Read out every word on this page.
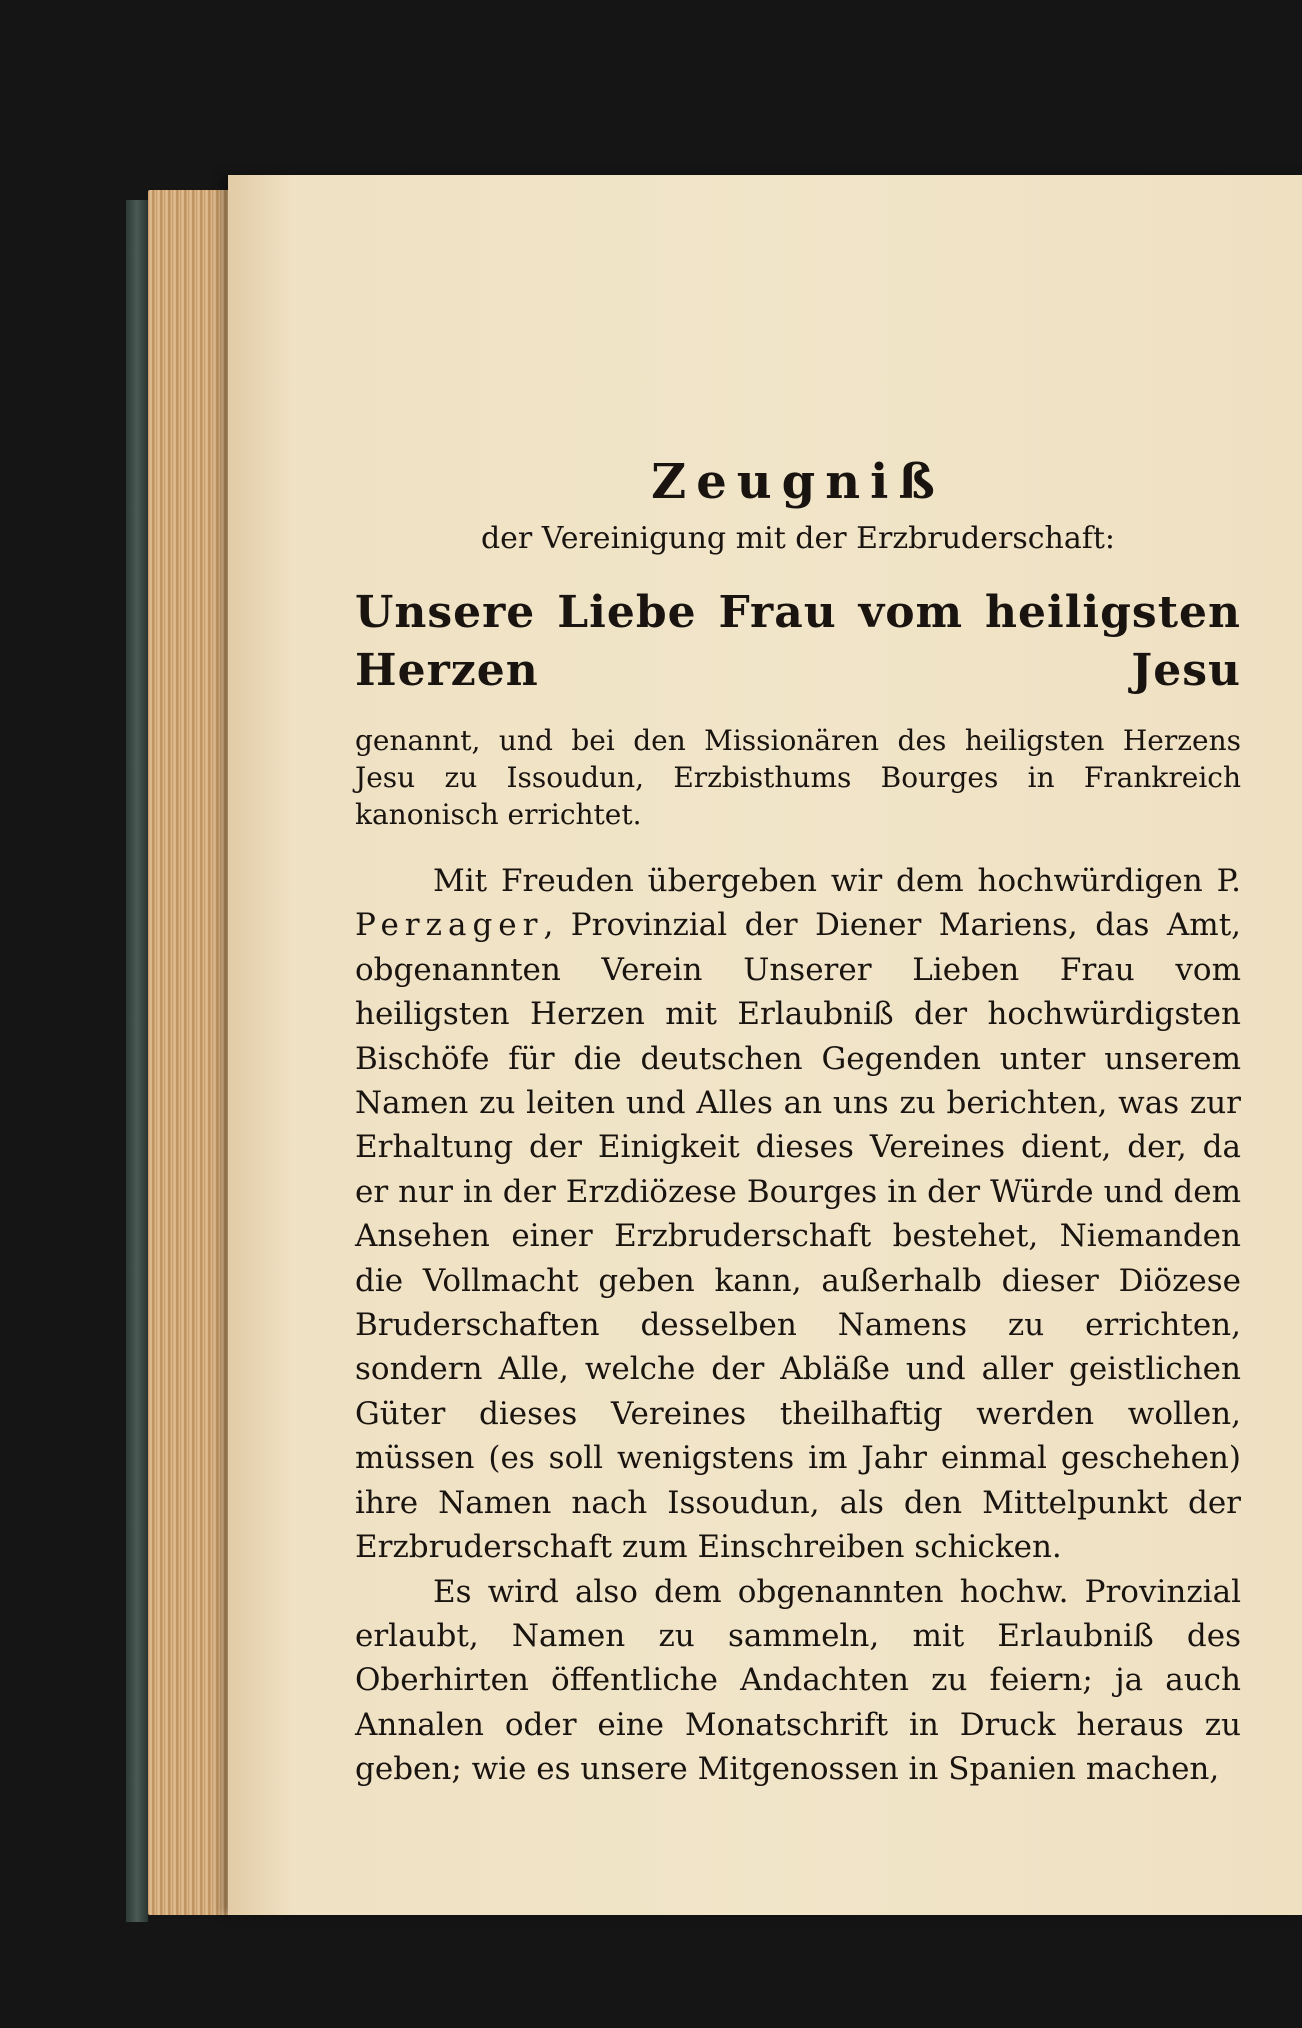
Zeugniß
der Vereinigung mit der Erzbruderschaft:
Unsere Liebe Frau vom heiligsten Herzen Jesu

genannt, und bei den Missionären des heiligsten Herzens Jesu zu Issoudun, Erzbisthums Bourges in Frankreich kanonisch errichtet.

Mit Freuden übergeben wir dem hochwürdigen P. Perzager, Provinzial der Diener Mariens, das Amt, obgenannten Verein Unserer Lieben Frau vom heiligsten Herzen mit Erlaubniß der hochwürdigsten Bischöfe für die deutschen Gegenden unter unserem Namen zu leiten und Alles an uns zu berichten, was zur Erhaltung der Einigkeit dieses Vereines dient, der, da er nur in der Erzdiözese Bourges in der Würde und dem Ansehen einer Erzbruderschaft bestehet, Niemanden die Vollmacht geben kann, außerhalb dieser Diözese Bruderschaften desselben Namens zu errichten, sondern Alle, welche der Abläße und aller geistlichen Güter dieses Vereines theilhaftig werden wollen, müssen (es soll wenigstens im Jahr einmal geschehen) ihre Namen nach Issoudun, als den Mittelpunkt der Erzbruderschaft zum Einschreiben schicken.

Es wird also dem obgenannten hochw. Provinzial erlaubt, Namen zu sammeln, mit Erlaubniß des Oberhirten öffentliche Andachten zu feiern; ja auch Annalen oder eine Monatschrift in Druck heraus zu geben; wie es unsere Mitgenossen in Spanien machen,
